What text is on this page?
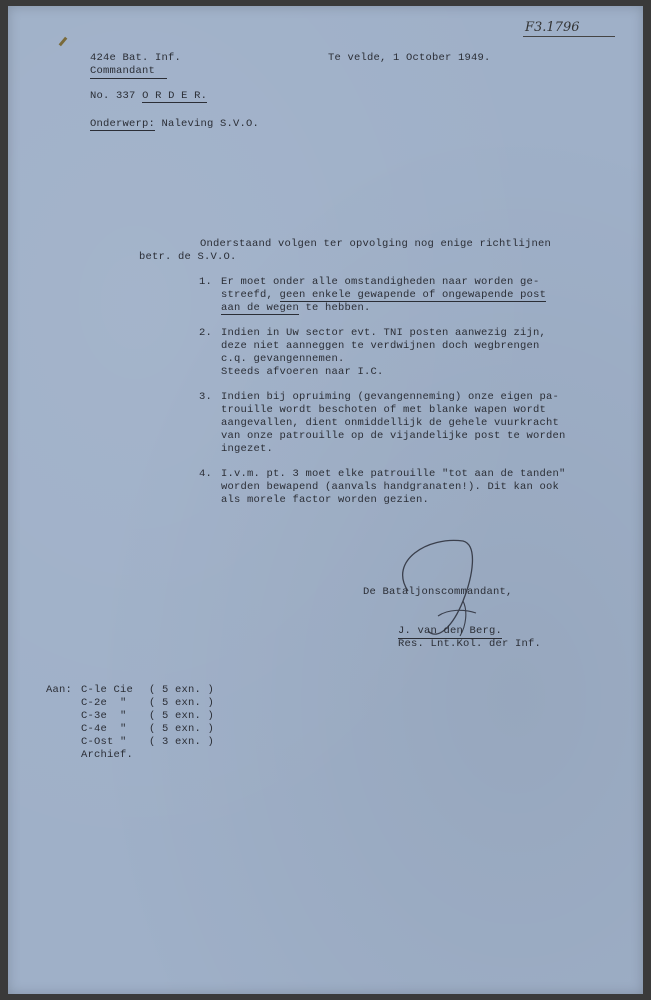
F3.1796
424e Bat. Inf.
Commandant
Te velde, 1 October 1949.
No. 337 O R D E R.
Onderwerp: Naleving S.V.O.
Onderstaand volgen ter opvolging nog enige richtlijnen
betr. de S.V.O.
1. Er moet onder alle omstandigheden naar worden ge-
streefd, geen enkele gewapende of ongewapende post
aan de wegen te hebben.
2. Indien in Uw sector evt. TNI posten aanwezig zijn,
deze niet aanneggen te verdwijnen doch wegbrengen
c.q. gevangennemen.
Steeds afvoeren naar I.C.
3. Indien bij opruiming (gevangenneming) onze eigen pa-
trouille wordt beschoten of met blanke wapen wordt
aangevallen, dient onmiddellijk de gehele vuurkracht
van onze patrouille op de vijandelijke post te worden
ingezet.
4. I.v.m. pt. 3 moet elke patrouille "tot aan de tanden"
worden bewapend (aanvals handgranaten!). Dit kan ook
als morele factor worden gezien.
De Bataljonscommandant,
J. van den Berg.
Res. Lnt.Kol. der Inf.
Aan: C-le Cie ( 5 exn. )
C-2e  " ( 5 exn. )
C-3e  " ( 5 exn. )
C-4e  " ( 5 exn. )
C-Ost " ( 3 exn. )
Archief.
